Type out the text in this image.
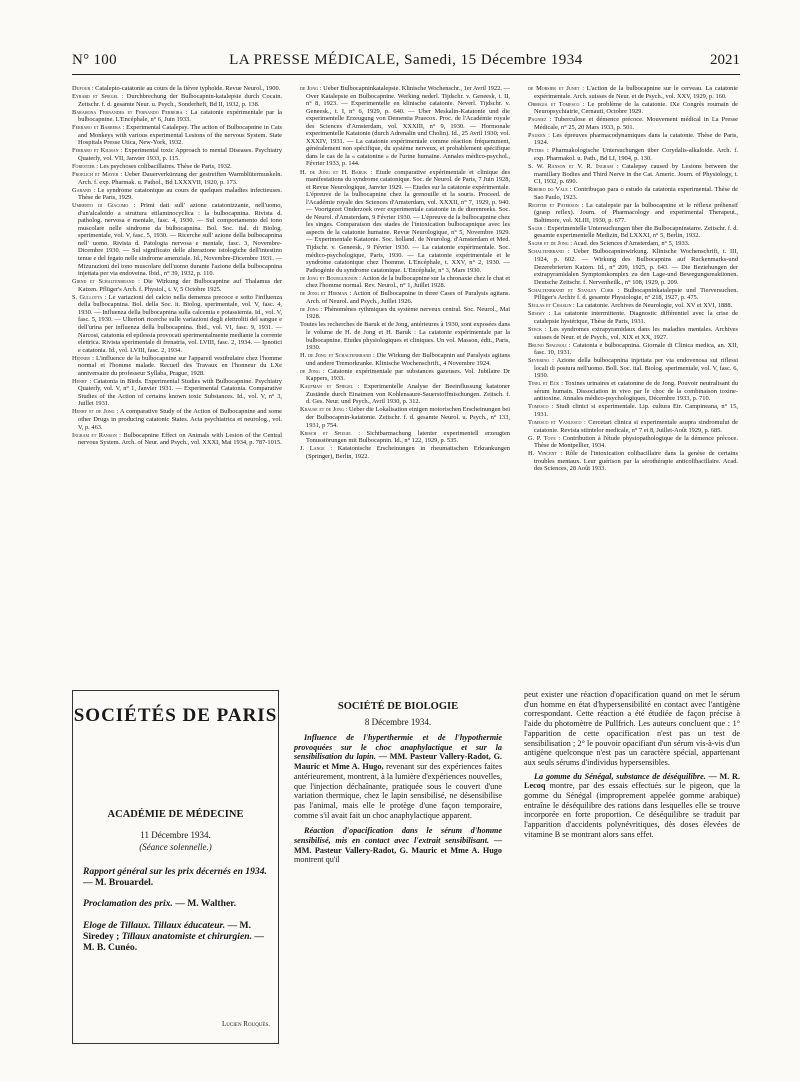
N° 100	LA PRESSE MÉDICALE, Samedi, 15 Décembre 1934	2021
Dufour : Catalepto-catatonie au cours de la fièvre typhoïde. Revue Neurol., 1900.
Eyrard et Spiegel : Durchbrechung der Bulbocapnin-katalepsie durch Cocain. Zeitschr. f. d. gesamte Neur. u. Psych., Sonderheft, Bd II, 1932, p. 138.
Barahona Fernandes et Fernando Ferreira : La catatonie expérimentale par la bulbocapnine. L'Encéphale, n° 6, Juin 1933.
Ferraro et Barrera : Experimental Catalepsy. The action of Bulbocapnine in Cats and Monkeys with various experimental Lesions of the nervous System. State Hospitals Presse Utica, New-York, 1932.
Ferraro et Kilman : Experimental toxic Approach to mental Diseases. Psychiatry Quaterly, vol. VII, Janvier 1933, p. 115.
Forestier : Les psychoses colibacillaires. Thèse de Paris, 1932.
Froelich et Mayer : Ueber Dauerverkürzung der gestreiften Warmblütermuskeln. Arch. f. exp. Pharmak. u. Pathol., Bd LXXXVII, 1920, p. 173.
Garand : Le syndrome catatonique au cours de quelques maladies infectieuses. Thèse de Paris, 1929.
Umberto di Giacomo : Primi dati sull' azione catatonizzante, nell'uomo, d'un'alcaloido a struttura etilaminocyclica : la bulbocapnina. Rivista d. patholog. nervosa e mentale, fasc. 4, 1930. — Sul comportamento del tono muscolare nelle sindrome da bulbocapnina. Bol. Soc. ital. di Biolog. sperimentale, vol. V, fasc. 5, 1930. — Ricerche sull' azione della bulbocapnina nell' uomo. Rivista d. Patologia nervosa e mentale, fasc. 3, Novembre-Dicembre 1930. — Sul significato delle alterazione istologiche dell'intestino tenue e del fegato nelle sindrome amenziale. Id., Novembre-Dicembre 1931. — Mizurazioni del tono muscolare dell'uomo durante l'azione della bulbocapnina injettata per via endoveina. Ibid., n° 39, 1932, p. 110.
Girnd et Schaltenbrand : Die Wirkung der Bulbocapnine auf Thalamus der Katzen. Pflüger's Arch. f. Physiol., t. V, 5 Octobre 1925.
S. Gullotta : Le variazioni del calcio nella demenza precoce e sotto l'influenza della bulbocapnina. Bol. della Soc. it. Biolog. sperimentale, vol. V, fasc. 4, 1930. — Influenza della bulbocapnina sulla calcemia e potassiemia. Id., vol. V, fasc. 5, 1930. — Ulteriori ricerche sulle variazioni degli elettroliti del sangue e dell'urina per influenza della bulbocapnina. Ibid., vol. VI, fasc. 9, 1931. — Narcosi, catatonia ed epilessia provocati sperimentalmente mediante la corrente elettrica. Rivista sperimentale di frenatria, vol. LVIII, fasc. 2, 1934. — Ipnotici e catatonia. Id., vol. LVIII, fasc. 2, 1934.
Henner : L'influence de la bulbocapnine sur l'appareil vestibulaire chez l'homme normal et l'homme malade. Recueil des Travaux en l'honneur du LXe anniversaire du professeur Syllaba, Prague, 1928.
Henry : Catatonia in Birds. Experimental Studies with Bulbocapnine. Psychiatry Quaterly, vol. V, n° 1, Janvier 1931. — Experimental Catatonia. Comparative Studies of the Action of certains known toxic Substances. Id., vol. V, n° 3, Juillet 1931.
Henry et de Jong : A comparative Study of the Action of Bulbocapnine and some other Drugs in producing catatonic States. Acta psychiatrica et neurolog., vol. V, p. 463.
Ingram et Ranson : Bulbocapnine Effect on Animals with Lesion of the Central nervous System. Arch. of Neur. and Psych., vol. XXXI, Mai 1934, p. 787-1015.
de Jong : Ueber Bulbocapninkatalepsie. Klinische Wochenschr., 1er Avril 1922. — Over Katalepsie en Bulbocapnine. Werking nederl. Tijdschr. v. Geneesk, t. II, n° 8, 1923. — Experimentelle en klinische catatonie. Neverl. Tijdschr. v. Geneesk., t. I, n° 6, 1929, p. 640. — Uber Meskalin-Katatonie und die experimentelle Erzeugung von Dementia Praecox. Proc. de l'Académie royale des Sciences d'Amsterdam, vol. XXXIII, n° 9, 1930. — Hormonale experimentelle Katatonie (durch Adrenalin und Cholin). Id., 25 Avril 1930; vol. XXXIV, 1931. — La catatonie expérimentale comme réaction fréquemment, généralement non spécifique, du système nerveux, et probablement spécifique dans le cas de la « catatonine » de l'urine humaine. Annales médico-psychol., Février 1933, p. 144.
H. de Jong et H. Baruk : Etude comparative expérimentale et clinique des manifestations du syndrome catatonique. Soc. de Neurol. de Paris, 7 Juin 1928, et Revue Neurologique, Janvier 1929. — Etudes sur la catatonie expérimentale. L'épreuve de la bulbocapnine chez la grenouille et la souris. Proceed. de l'Académie royale des Sciences d'Amsterdam, vol. XXXII, n° 7, 1929, p. 940. — Voortgezet Onderzoek over experimentale catatonie in de dierenreeks. Soc. de Neurol. d'Amsterdam, 9 Février 1930. — L'épreuve de la bulbocapnine chez les singes. Comparaison des stades de l'intoxication bulbocapnique avec les aspects de la catatonie humaine. Revue Neurologique, n° 5, Novembre 1929. — Experimentale Katatonie. Soc. holland. de Neurolog. d'Amsterdam et Med. Tijdschr. v. Geneesk., 9 Février 1930. — La catatonie expérimentale. Soc. médico-psychologique, Paris, 1930. — La catatonie expérimentale et le syndrome catatonique chez l'homme. L'Encéphale, t. XXV, n° 2, 1930. — Pathogénie du syndrome catatonique. L'Encéphale, n° 3, Mars 1930.
de Jong et Bourguignon : Action de la bulbocapnine sur la chronaxie chez le chat et chez l'homme normal. Rev. Neurol., n° 1, Juillet 1928.
de Jong et Herman : Action of Bulbocapnine in three Cases of Paralysis agitans. Arch. of Neurol. and Psych., Juillet 1926.
de Jong : Phénomènes rythmiques du système nerveux central. Soc. Neurol., Mai 1928.
Toutes les recherches de Baruk et de Jong, antérieures à 1930, sont exposées dans le volume de H. de Jong et H. Baruk : La catatonie expérimentale par la bulbocapnine. Etudes physiologiques et cliniques. Un vol. Masson, édit., Paris, 1930.
H. de Jong et Schaltenbrand : Die Wirkung der Bulbocapnin auf Paralysis agitans und andere Tremorkranke. Klinische Wochenschrift., 4 Novembre 1924.
de Jong : Catatonie expérimentale par substances gazeuses. Vol. Jubilaire Dr Kappers, 1933.
Kaufman et Spiegel : Experimentelle Analyse der Beeinflussung katatoner Zustände durch Einatmen von Kohlensaure-Sauerstoffmischungen. Zeitsch. f. d. Ges. Neur. und Psych., Avril 1930, p. 312.
Krause et de Jong : Ueber die Lokalisation einigen motorischen Erscheinungen bei der Bulbocapnin-katatonie. Zeitschr. f. d. gesamte Neurol. u. Psych., n° 133, 1931, p 754.
Krisch et Spiegel : Sichtbarmachung latenter experimentell erzeugten Tonusstörungen mit Bulbocapnin. Id., n° 122, 1929, p. 535.
J. Lange : Katatonische Erscheinungen in rheumatischen Erkrankungen (Springer), Berlin, 1922.
de Morsier et Junet : L'action de la bulbocapnine sur le cerveau. La catatonie expérimentale. Arch. suisses de Neur. et de Psych., vol. XXV, 1929, p. 160.
Obregia et Tomesco : Le problème de la catatonie. IXe Congrès roumain de Neuropsychiatrie, Cernauti, Octobre 1929.
Pagniez : Tuberculose et démence précoce. Mouvement médical in La Presse Médicale, n° 25, 20 Mars 1933, p. 501.
Pauken : Les épreuves pharmacodynamiques dans la catatonie. Thèse de Paris, 1924.
Peters : Pharmakologische Untersuchungen über Corydalis-alkaloide. Arch. f. exp. Pharmakol. u. Path., Bd LI, 1904, p. 130.
S. W. Ranson et V. R. Ingram : Catalepsy caused by Lesions between the mamillary Bodies and Third Nerve in the Cat. Americ. Journ. of Physiology, t. CI, 1932, p. 690.
Ribeiro do Vale : Contribuçao para o estudo da catatonia experimental. Thèse de Sao Paulo, 1923.
Richter et Paterson : La catalepsie par la bulbocapnine et le réflexe préhensif (grasp reflex). Journ. of Pharmacology and experimental Therapeut., Baltimore, vol. XLIII, 1930, p. 677.
Sager : Experimentelle Untersuchungen über die Bulbocapninstarre. Zeitschr. f. d. gesamte experimentelle Medizin, Bd LXXXI, n° 5, Berlin, 1932.
Sager et de Jong : Acad. des Sciences d'Amsterdam, n° 5, 1933.
Schaltenbrand : Ueber Bulbocapninwirkung. Klinische Wochenschrift, t. III, 1924, p. 602. — Wirkung des Bulbocapnins auf Ruckenmarks-und Dezerebrierten Katzen. Id., n° 209, 1925, p. 643. — Die Beziehungen der extrapyramidalen Symptomkomplex zu den Lage-und Bewegungsreaktionen. Deutsche Zeitschr. f. Nervenheilk., n° 108, 1929, p. 209.
Schaltenbrand et Stanley Cobb : Bulbocapninkatalepsie und Tierversuchen. Pflüger's Archiv f. d. gesamte Physiologie, n° 218, 1927, p. 475.
Séglas et Chaslin : La catatonie. Archives de Neurologie, vol. XV et XVI, 1888.
Sidawy : La catatonie intermittente. Diagnostic différentiel avec la crise de catalepsie hystérique, Thèse de Paris, 1931.
Steck : Les syndromes extrapyramidaux dans les maladies mentales. Archives suisses de Neur. et de Psych., vol. XIX et XX, 1927.
Bruno Spagnoli : Catatonia e bulbocapnina. Giornale di Clinica medica, an. XII, fasc. 10, 1931.
Severino : Azione della bulbocapnina injettata per via endovenosa sui riflessi locali di postura nell'uomo. Boll. Soc. ital. Biolog. sperimentale, vol. V, fasc. 6, 1930.
Tinel et Eck : Toxines urinaires et catatonine de de Jong. Pouvoir neutralisant du sérum humain. Dissociation in vivo par le choc de la combinaison toxine-antitoxine. Annales médico-psychologiques, Décembre 1933, p. 710.
Tomesco : Studi clinici si experimentale. Lip. cultura Etr. Campineana, n° 15, 1931.
Tomesco et Vanlesco : Cercetari clinica si experimentale asupra sindromului de catatonie. Revista stiintelor medicale, n° 7 et 8, Juillet-Août 1929, p. 685.
G. P. Toye : Contribution à l'étude physiopathologique de la démence précoce. Thèse de Montpellier, 1934.
H. Vincent : Rôle de l'intoxication colibacillaire dans la genèse de certains troubles mentaux. Leur guérison par la sérothérapie anticolibacillaire. Acad. des Sciences, 28 Août 1933.
SOCIÉTÉS DE PARIS
ACADÉMIE DE MÉDECINE
11 Décembre 1934.
(Séance solennelle.)
Rapport général sur les prix décernés en 1934. — M. Brouardel.
Proclamation des prix. — M. Walther.
Eloge de Tillaux. Tillaux éducateur. — M. Siredey ; Tillaux anatomiste et chirurgien. — M. B. Cunéo.
Lucien Rouquès.
SOCIÉTÉ DE BIOLOGIE
8 Décembre 1934.

Influence de l'hyperthermie et de l'hypothermie provoquées sur le choc anaphylactique et sur la sensibilisation du lapin. — MM. Pasteur Vallery-Radot, G. Mauric et Mme A. Hugo, revenant sur des expériences faites antérieurement, montrent, à la lumière d'expériences nouvelles, que l'injection déchaînante, pratiquée sous le couvert d'une variation thermique, chez le lapin sensibilisé, ne désensibilise pas l'animal, mais elle le protège d'une façon temporaire, comme s'il avait fait un choc anaphylactique apparent.

Réaction d'opacification dans le sérum d'homme sensibilisé, mis en contact avec l'extrait sensibilisant. — MM. Pasteur Vallery-Radot, G. Mauric et Mme A. Hugo montrent qu'il

peut exister une réaction d'opacification quand on met le sérum d'un homme en état d'hypersensibilité en contact avec l'antigène correspondant. Cette réaction a été étudiée de façon précise à l'aide du photomètre de Pullfrich. Les auteurs concluent que : 1° l'apparition de cette opacification n'est pas un test de sensibilisation ; 2° le pouvoir opacifiant d'un sérum vis-à-vis d'un antigène quelconque n'est pas un caractère spécial, appartenant aux seuls sérums d'individus hypersensibles.

La gomme du Sénégal, substance de déséquilibre. — M. R. Lecoq montre, par des essais effectués sur le pigeon, que la gomme du Sénégal (improprement appelée gomme arabique) entraîne le déséquilibre des rations dans lesquelles elle se trouve incorporée en forte proportion. Ce déséquilibre se traduit par l'apparition d'accidents polynévritiques, dès doses élevées de vitamine B se montrant alors sans effet.
